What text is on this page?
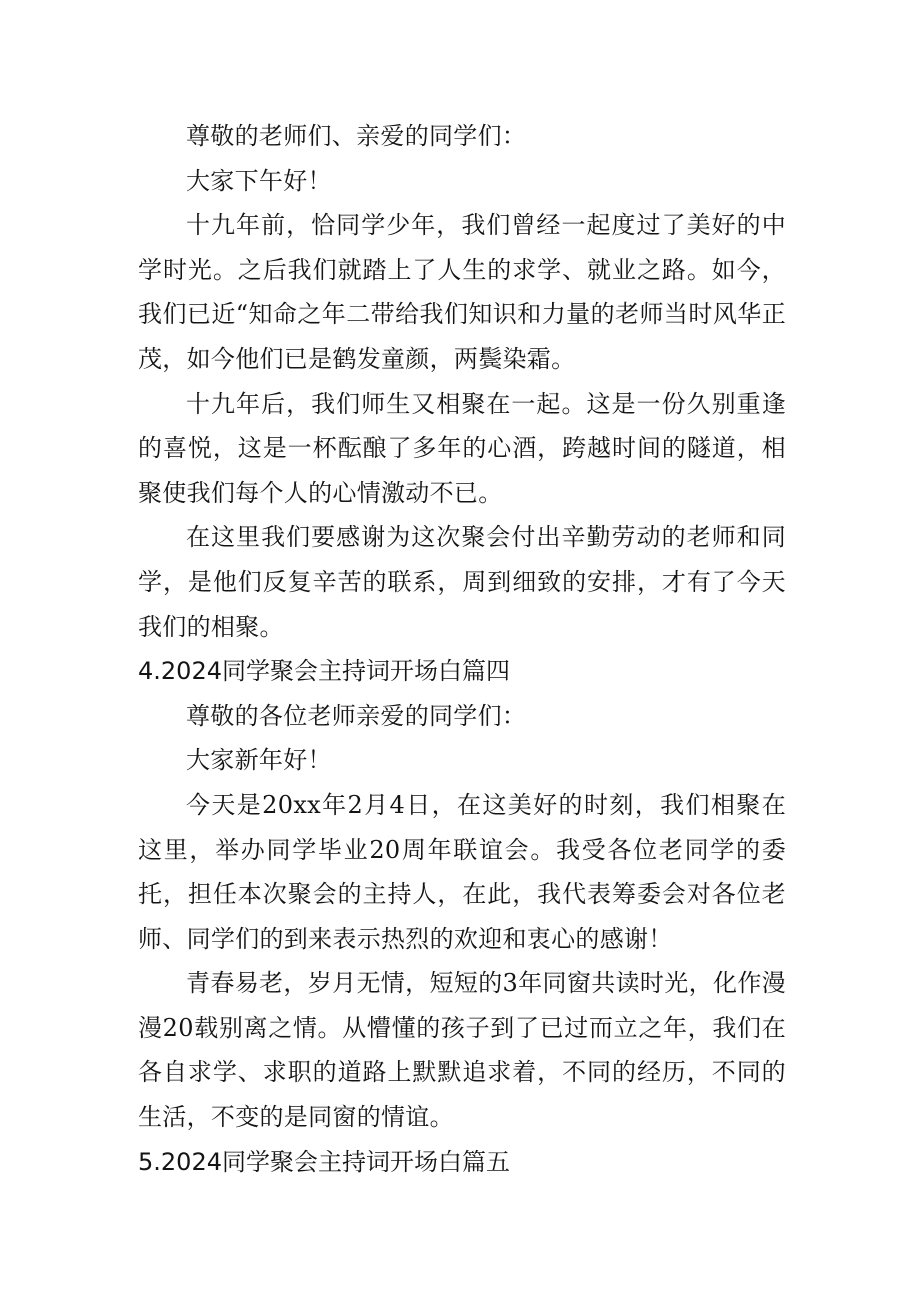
尊敬的老师们、亲爱的同学们：

大家下午好！

十九年前，恰同学少年，我们曾经一起度过了美好的中学时光。之后我们就踏上了人生的求学、就业之路。如今，我们已近“知命之年二带给我们知识和力量的老师当时风华正茂，如今他们已是鹤发童颜，两鬓染霜。

十九年后，我们师生又相聚在一起。这是一份久别重逢的喜悦，这是一杯酝酿了多年的心酒，跨越时间的隧道，相聚使我们每个人的心情激动不已。

在这里我们要感谢为这次聚会付出辛勤劳动的老师和同学，是他们反复辛苦的联系，周到细致的安排，才有了今天我们的相聚。

4.2024同学聚会主持词开场白篇四

尊敬的各位老师亲爱的同学们：

大家新年好！

今天是20xx年2月4日，在这美好的时刻，我们相聚在这里，举办同学毕业20周年联谊会。我受各位老同学的委托，担任本次聚会的主持人，在此，我代表筹委会对各位老师、同学们的到来表示热烈的欢迎和衷心的感谢！

青春易老，岁月无情，短短的3年同窗共读时光，化作漫漫20载别离之情。从懵懂的孩子到了已过而立之年，我们在各自求学、求职的道路上默默追求着，不同的经历，不同的生活，不变的是同窗的情谊。

5.2024同学聚会主持词开场白篇五
